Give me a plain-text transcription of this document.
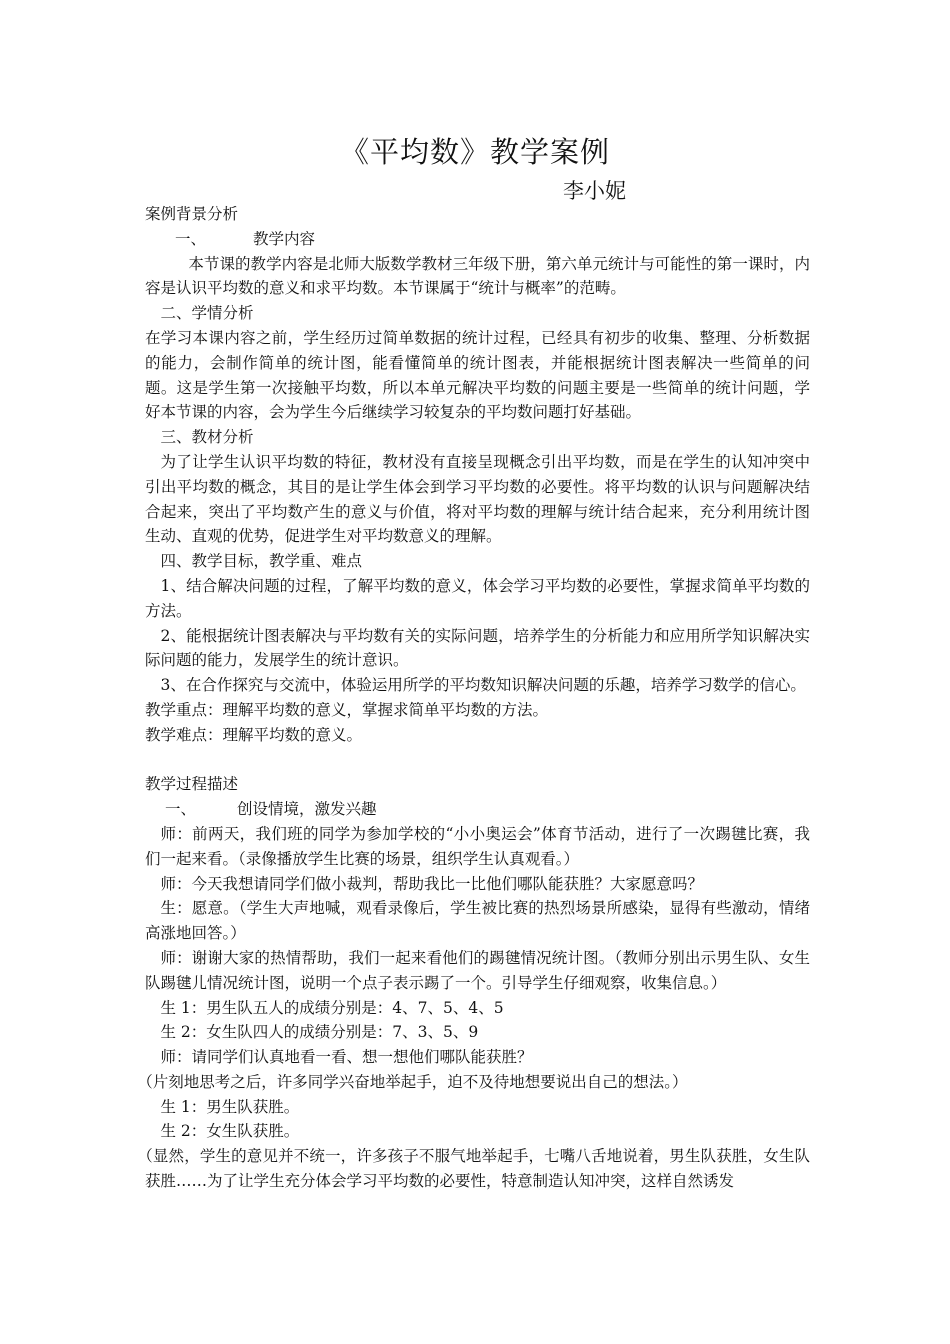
《平均数》教学案例
李小妮

案例背景分析

一、	教学内容

本节课的教学内容是北师大版数学教材三年级下册，第六单元统计与可能性的第一课时，内容是认识平均数的意义和求平均数。本节课属于“统计与概率”的范畴。

二、学情分析

在学习本课内容之前，学生经历过简单数据的统计过程，已经具有初步的收集、整理、分析数据的能力，会制作简单的统计图，能看懂简单的统计图表，并能根据统计图表解决一些简单的问题。这是学生第一次接触平均数，所以本单元解决平均数的问题主要是一些简单的统计问题，学好本节课的内容，会为学生今后继续学习较复杂的平均数问题打好基础。

三、教材分析

为了让学生认识平均数的特征，教材没有直接呈现概念引出平均数，而是在学生的认知冲突中引出平均数的概念，其目的是让学生体会到学习平均数的必要性。将平均数的认识与问题解决结合起来，突出了平均数产生的意义与价值，将对平均数的理解与统计结合起来，充分利用统计图生动、直观的优势，促进学生对平均数意义的理解。

四、教学目标，教学重、难点

1、结合解决问题的过程，了解平均数的意义，体会学习平均数的必要性，掌握求简单平均数的方法。

2、能根据统计图表解决与平均数有关的实际问题，培养学生的分析能力和应用所学知识解决实际问题的能力，发展学生的统计意识。

3、在合作探究与交流中，体验运用所学的平均数知识解决问题的乐趣，培养学习数学的信心。

教学重点：理解平均数的意义，掌握求简单平均数的方法。

教学难点：理解平均数的意义。

教学过程描述

一、	创设情境，激发兴趣

师：前两天，我们班的同学为参加学校的“小小奥运会”体育节活动，进行了一次踢毽比赛，我们一起来看。（录像播放学生比赛的场景，组织学生认真观看。）

师：今天我想请同学们做小裁判，帮助我比一比他们哪队能获胜？大家愿意吗？

生：愿意。（学生大声地喊，观看录像后，学生被比赛的热烈场景所感染，显得有些激动，情绪高涨地回答。）

师：谢谢大家的热情帮助，我们一起来看他们的踢毽情况统计图。（教师分别出示男生队、女生队踢毽儿情况统计图，说明一个点子表示踢了一个。引导学生仔细观察，收集信息。）

生 1：男生队五人的成绩分别是：4、7、5、4、5

生 2：女生队四人的成绩分别是：7、3、5、9

师：请同学们认真地看一看、想一想他们哪队能获胜？

（片刻地思考之后，许多同学兴奋地举起手，迫不及待地想要说出自己的想法。）

生 1：男生队获胜。

生 2：女生队获胜。

（显然，学生的意见并不统一，许多孩子不服气地举起手，七嘴八舌地说着，男生队获胜，女生队获胜……为了让学生充分体会学习平均数的必要性，特意制造认知冲突，这样自然诱发
